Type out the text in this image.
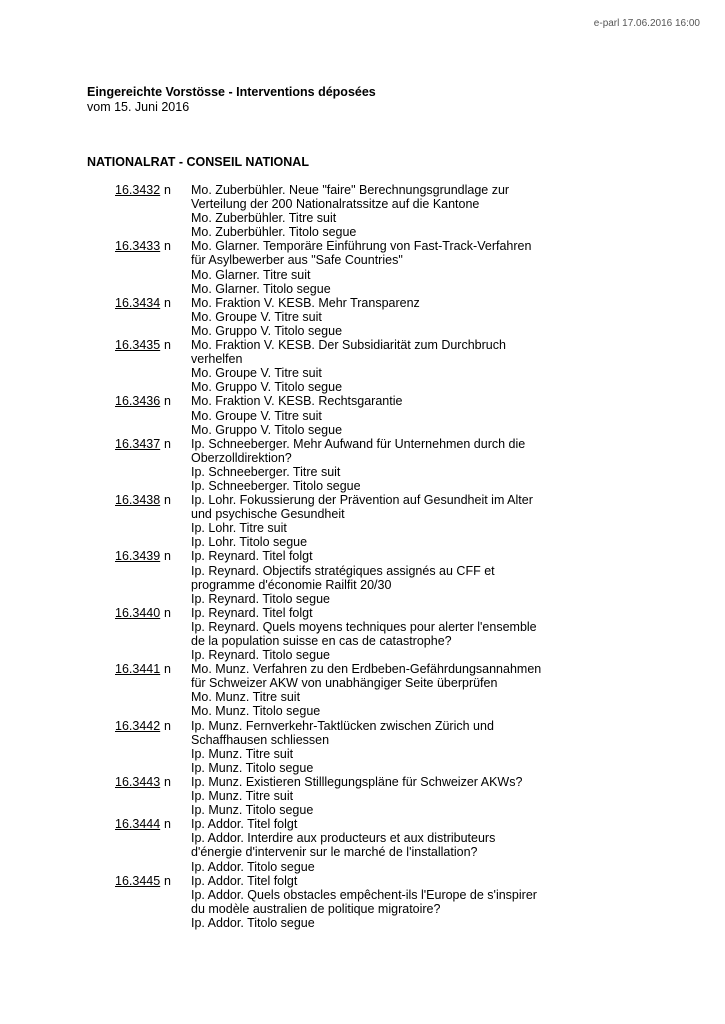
e-parl 17.06.2016 16:00
Eingereichte Vorstösse - Interventions déposées
vom 15. Juni 2016
NATIONALRAT - CONSEIL NATIONAL
16.3432 n	Mo. Zuberbühler. Neue "faire" Berechnungsgrundlage zur
Verteilung der 200 Nationalratssitze auf die Kantone
Mo. Zuberbühler. Titre suit
Mo. Zuberbühler. Titolo segue
16.3433 n	Mo. Glarner. Temporäre Einführung von Fast-Track-Verfahren
für Asylbewerber aus "Safe Countries"
Mo. Glarner. Titre suit
Mo. Glarner. Titolo segue
16.3434 n	Mo. Fraktion V. KESB. Mehr Transparenz
Mo. Groupe V. Titre suit
Mo. Gruppo V. Titolo segue
16.3435 n	Mo. Fraktion V. KESB. Der Subsidiarität zum Durchbruch
verhelfen
Mo. Groupe V. Titre suit
Mo. Gruppo V. Titolo segue
16.3436 n	Mo. Fraktion V. KESB. Rechtsgarantie
Mo. Groupe V. Titre suit
Mo. Gruppo V. Titolo segue
16.3437 n	Ip. Schneeberger. Mehr Aufwand für Unternehmen durch die
Oberzolldirektion?
Ip. Schneeberger. Titre suit
Ip. Schneeberger. Titolo segue
16.3438 n	Ip. Lohr. Fokussierung der Prävention auf Gesundheit im Alter
und psychische Gesundheit
Ip. Lohr. Titre suit
Ip. Lohr. Titolo segue
16.3439 n	Ip. Reynard. Titel folgt
Ip. Reynard. Objectifs stratégiques assignés au CFF et
programme d'économie Railfit 20/30
Ip. Reynard. Titolo segue
16.3440 n	Ip. Reynard. Titel folgt
Ip. Reynard. Quels moyens techniques pour alerter l'ensemble
de la population suisse en cas de catastrophe?
Ip. Reynard. Titolo segue
16.3441 n	Mo. Munz. Verfahren zu den Erdbeben-Gefährdungsannahmen
für Schweizer AKW von unabhängiger Seite überprüfen
Mo. Munz. Titre suit
Mo. Munz. Titolo segue
16.3442 n	Ip. Munz. Fernverkehr-Taktlücken zwischen Zürich und
Schaffhausen schliessen
Ip. Munz. Titre suit
Ip. Munz. Titolo segue
16.3443 n	Ip. Munz. Existieren Stilllegungspläne für Schweizer AKWs?
Ip. Munz. Titre suit
Ip. Munz. Titolo segue
16.3444 n	Ip. Addor. Titel folgt
Ip. Addor. Interdire aux producteurs et aux distributeurs
d'énergie d'intervenir sur le marché de l'installation?
Ip. Addor. Titolo segue
16.3445 n	Ip. Addor. Titel folgt
Ip. Addor. Quels obstacles empêchent-ils l'Europe de s'inspirer
du modèle australien de politique migratoire?
Ip. Addor. Titolo segue
